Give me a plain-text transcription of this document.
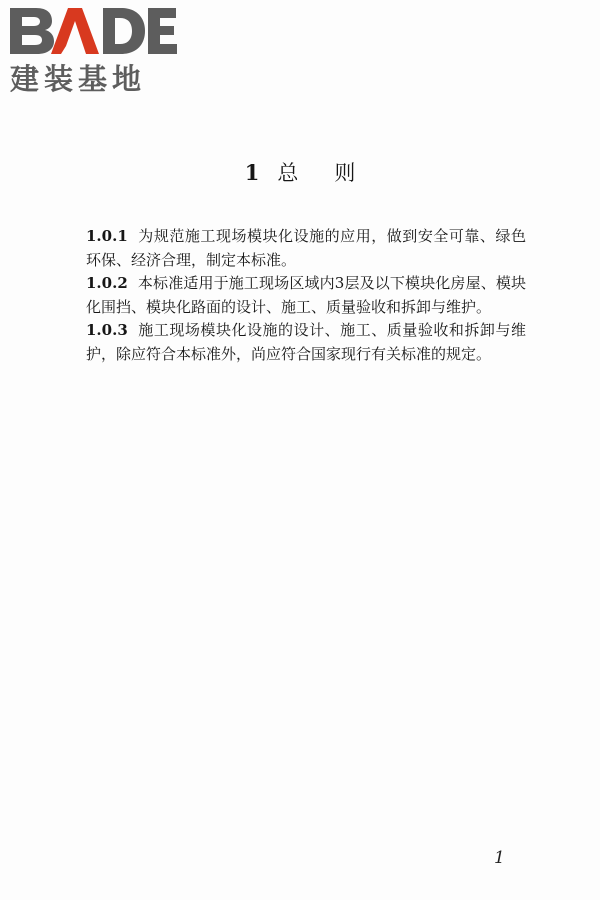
建装基地
1 总 则

1.0.1 为规范施工现场模块化设施的应用，做到安全可靠、绿色环保、经济合理，制定本标准。

1.0.2 本标准适用于施工现场区域内3层及以下模块化房屋、模块化围挡、模块化路面的设计、施工、质量验收和拆卸与维护。

1.0.3 施工现场模块化设施的设计、施工、质量验收和拆卸与维护，除应符合本标准外，尚应符合国家现行有关标准的规定。

1
